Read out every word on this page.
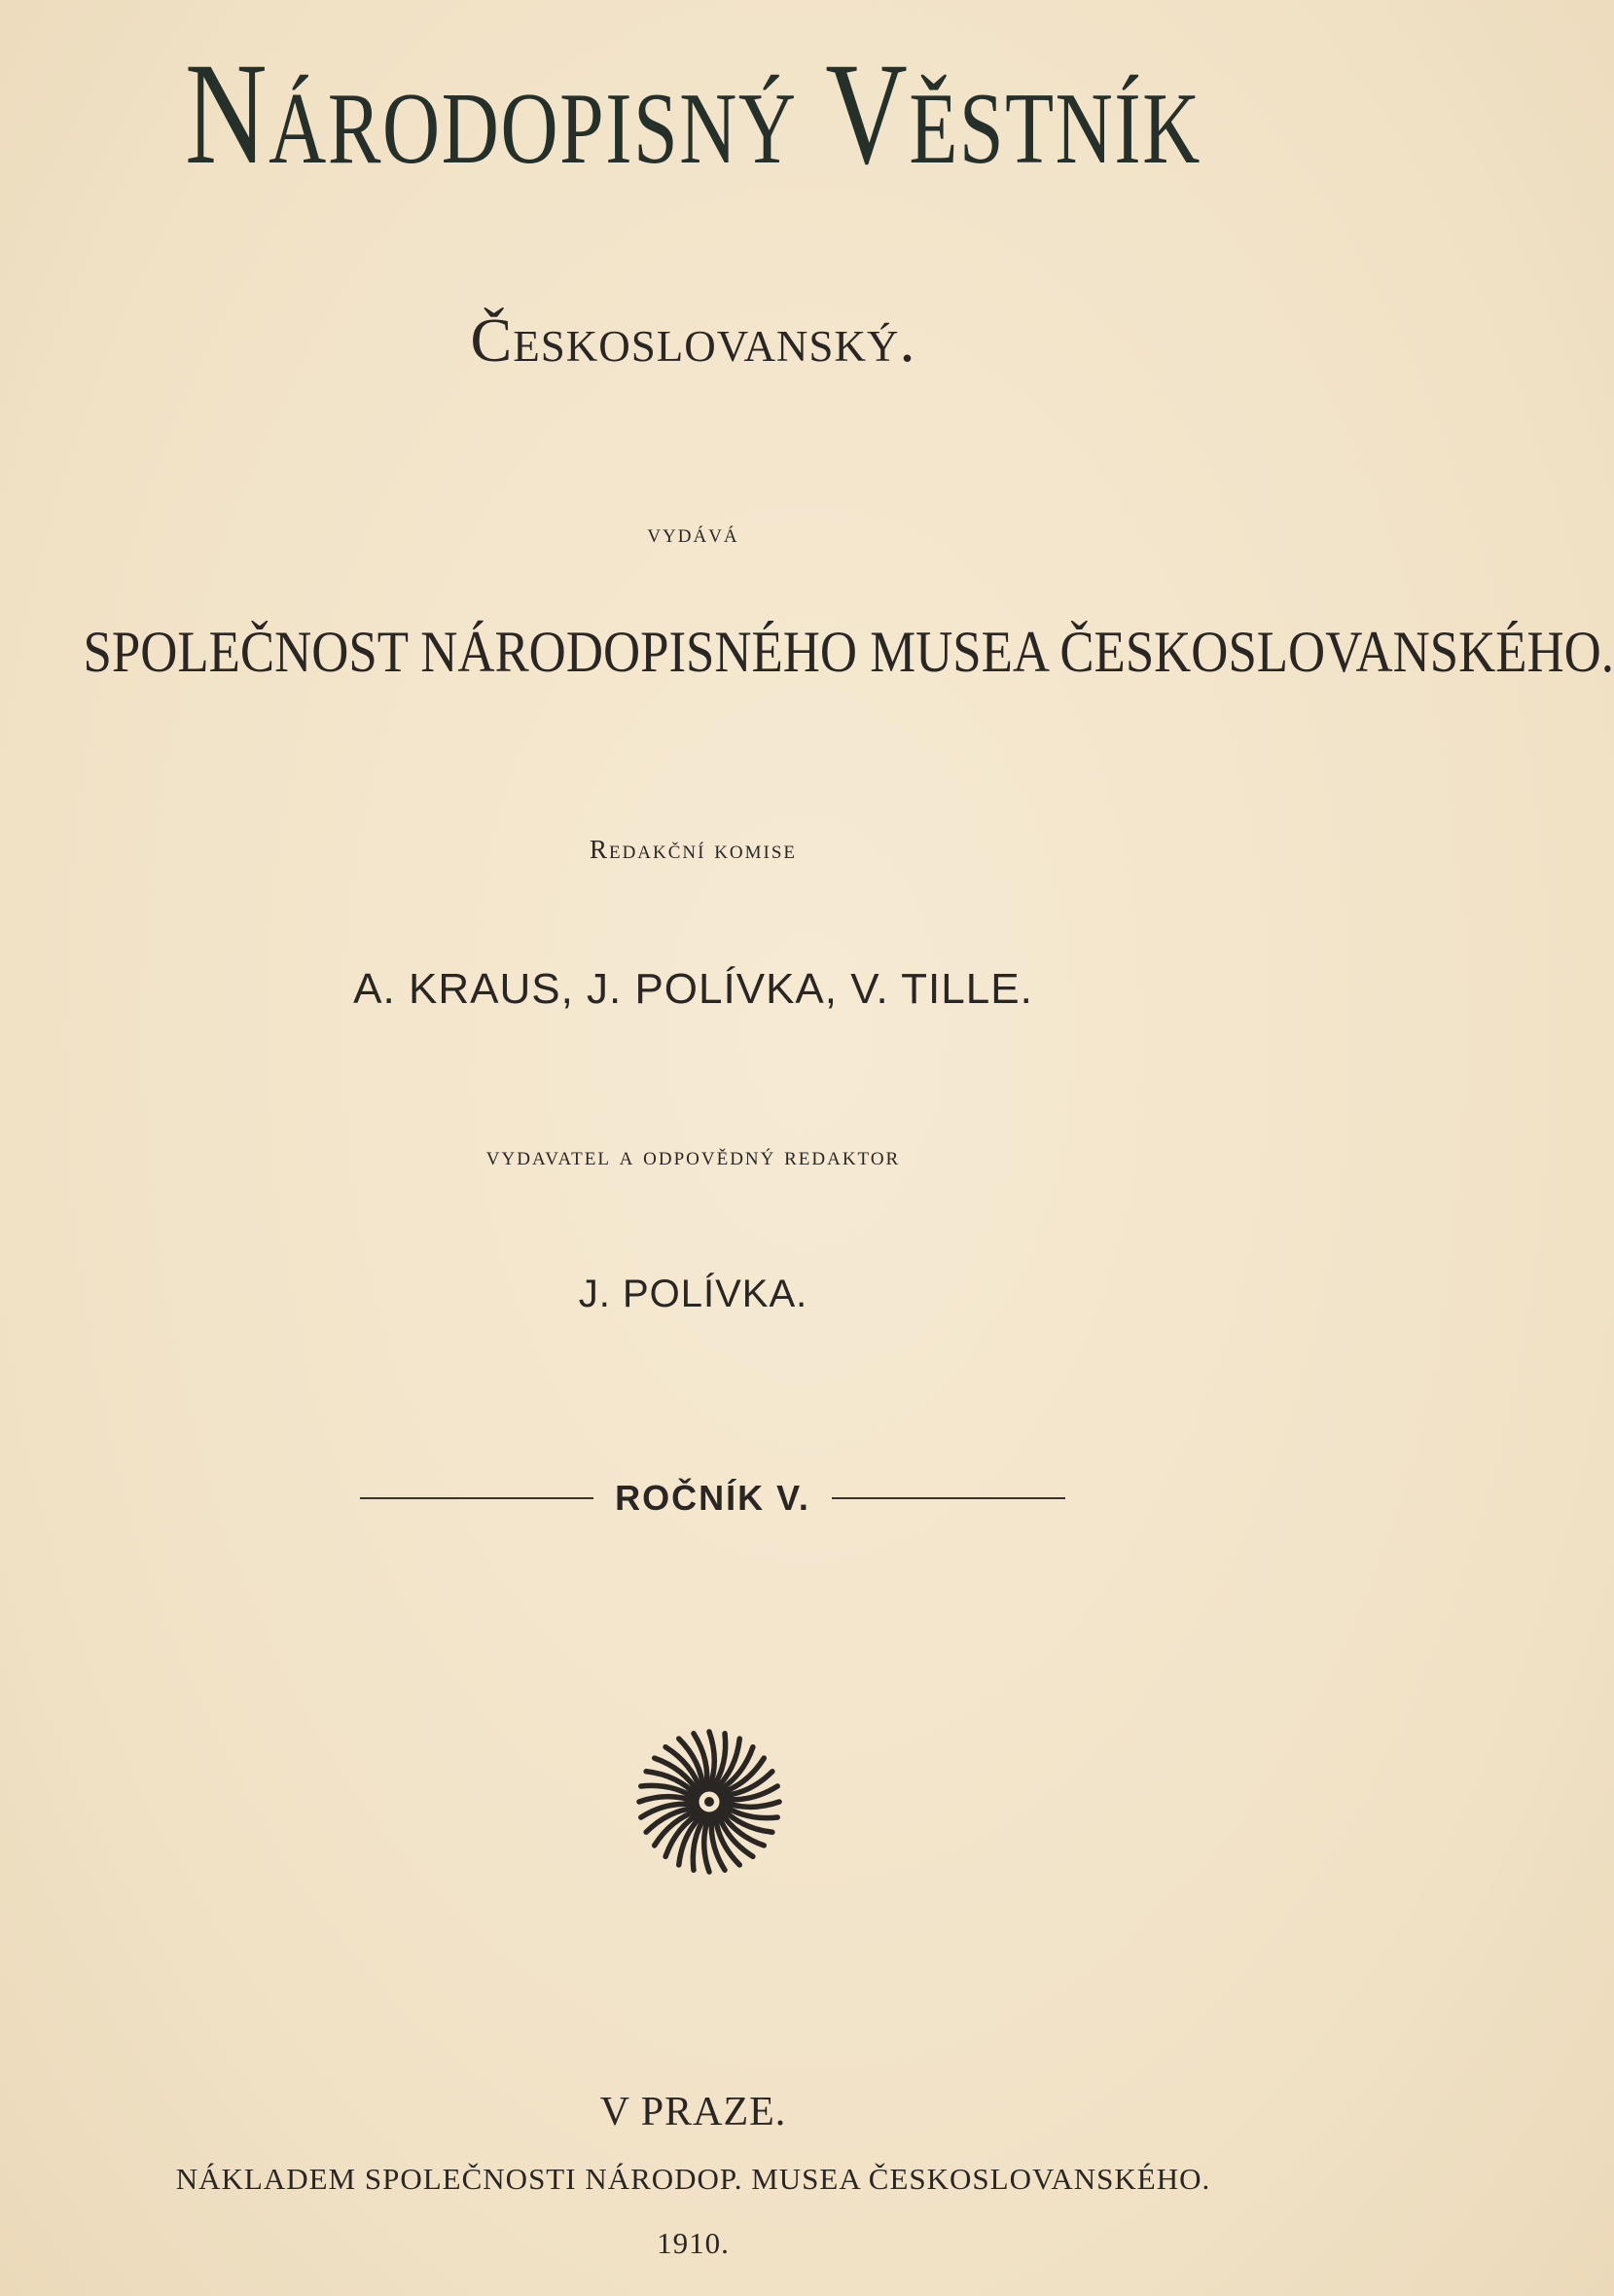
Národopisný Věstník
Českoslovanský.
vydává
SPOLEČNOST NÁRODOPISNÉHO MUSEA ČESKOSLOVANSKÉHO.
Redakční komise
A. KRAUS, J. POLÍVKA, V. TILLE.
vydavatel a odpovědný redaktor
J. POLÍVKA.
ROČNÍK V.
V PRAZE.
NÁKLADEM SPOLEČNOSTI NÁRODOP. MUSEA ČESKOSLOVANSKÉHO.
1910.
